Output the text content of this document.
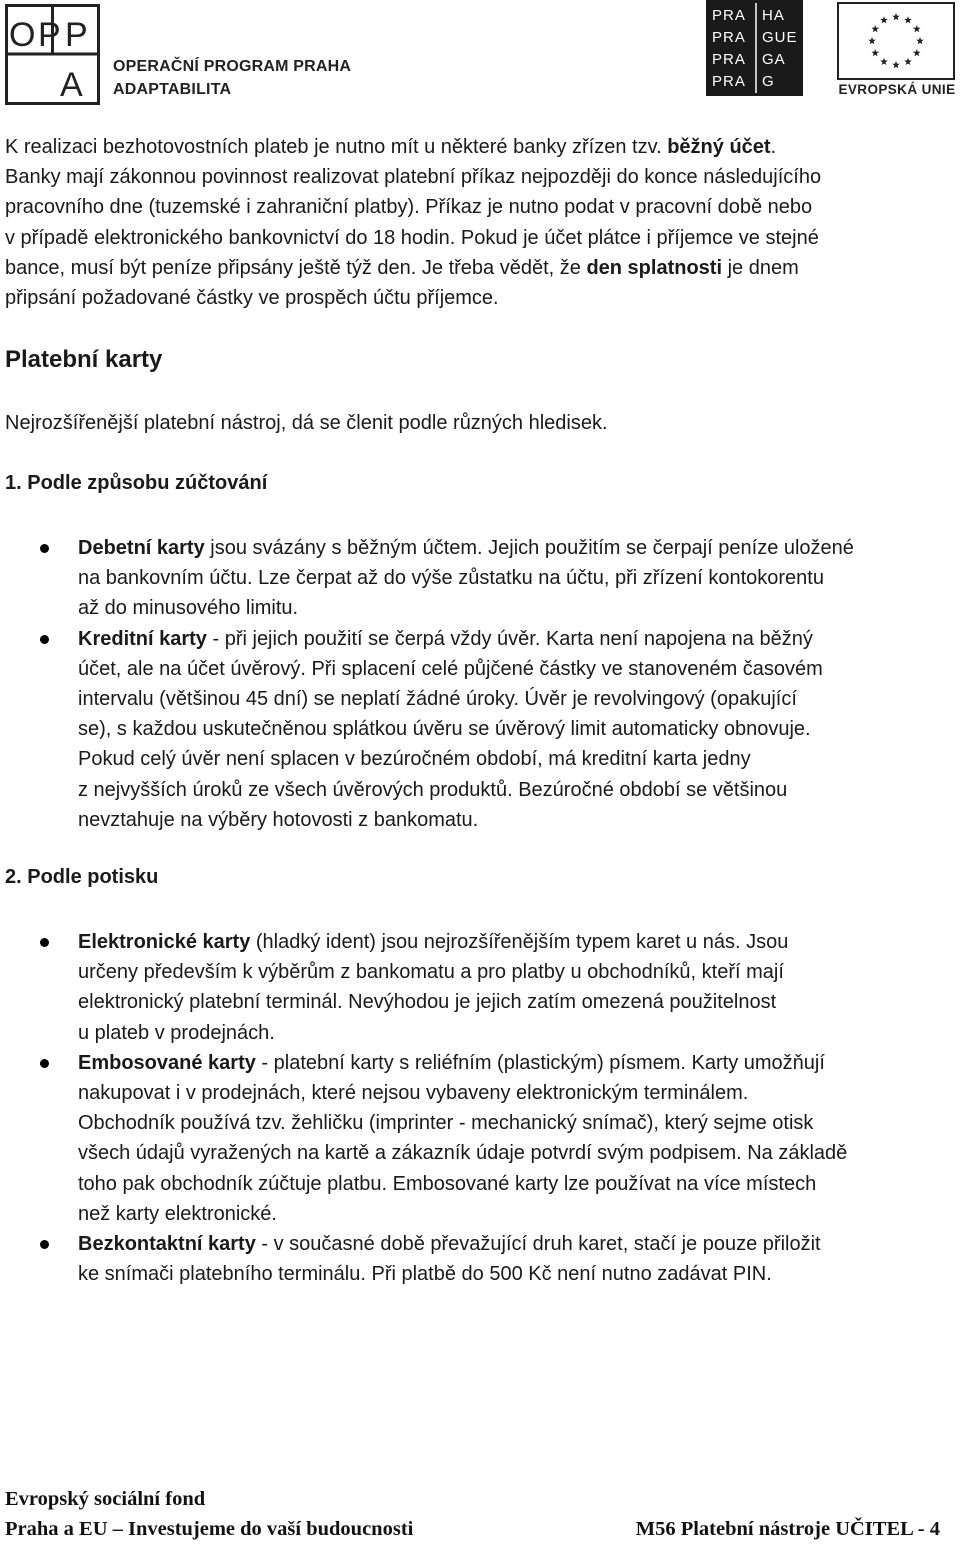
O P P
A OPERAČNÍ PROGRAM PRAHA
ADAPTABILITA
PRA HA
PRA GUE
PRA GA
PRA G	EVROPSKÁ UNIE

K realizaci bezhotovostních plateb je nutno mít u některé banky zřízen tzv. běžný účet.
Banky mají zákonnou povinnost realizovat platební příkaz nejpozději do konce následujícího
pracovního dne (tuzemské i zahraniční platby). Příkaz je nutno podat v pracovní době nebo
v případě elektronického bankovnictví do 18 hodin. Pokud je účet plátce i příjemce ve stejné
bance, musí být peníze připsány ještě týž den. Je třeba vědět, že den splatnosti je dnem
připsání požadované částky ve prospěch účtu příjemce.

Platební karty
Nejrozšířenější platební nástroj, dá se členit podle různých hledisek.
1. Podle způsobu zúčtování
Debetní karty jsou svázány s běžným účtem. Jejich použitím se čerpají peníze uložené
na bankovním účtu. Lze čerpat až do výše zůstatku na účtu, při zřízení kontokorentu
až do minusového limitu.
Kreditní karty - při jejich použití se čerpá vždy úvěr. Karta není napojena na běžný
účet, ale na účet úvěrový. Při splacení celé půjčené částky ve stanoveném časovém
intervalu (většinou 45 dní) se neplatí žádné úroky. Úvěr je revolvingový (opakující
se), s každou uskutečněnou splátkou úvěru se úvěrový limit automaticky obnovuje.
Pokud celý úvěr není splacen v bezúročném období, má kreditní karta jedny
z nejvyšších úroků ze všech úvěrových produktů. Bezúročné období se většinou
nevztahuje na výběry hotovosti z bankomatu.
2. Podle potisku
Elektronické karty (hladký ident) jsou nejrozšířenějším typem karet u nás. Jsou
určeny především k výběrům z bankomatu a pro platby u obchodníků, kteří mají
elektronický platební terminál. Nevýhodou je jejich zatím omezená použitelnost
u plateb v prodejnách.
Embosované karty - platební karty s reliéfním (plastickým) písmem. Karty umožňují
nakupovat i v prodejnách, které nejsou vybaveny elektronickým terminálem.
Obchodník používá tzv. žehličku (imprinter - mechanický snímač), který sejme otisk
všech údajů vyražených na kartě a zákazník údaje potvrdí svým podpisem. Na základě
toho pak obchodník zúčtuje platbu. Embosované karty lze používat na více místech
než karty elektronické.
Bezkontaktní karty - v současné době převažující druh karet, stačí je pouze přiložit
ke snímači platebního terminálu. Při platbě do 500 Kč není nutno zadávat PIN.
Evropský sociální fond
Praha a EU – Investujeme do vaší budoucnosti	M56 Platební nástroje UČITEL - 4
